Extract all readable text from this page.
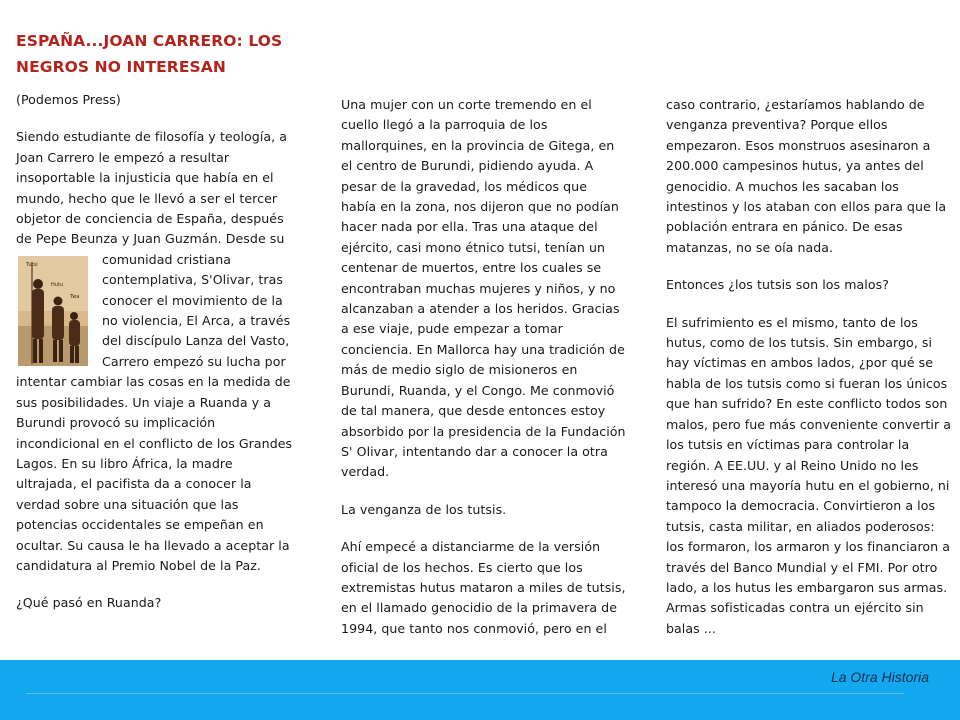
ESPAÑA...JOAN CARRERO: LOS
NEGROS NO INTERESAN

(Podemos Press)

Siendo estudiante de filosofía y teología, a Joan Carrero le empezó a resultar insoportable la injusticia que había en el mundo, hecho que le llevó a ser el tercer objetor de conciencia de España, después de Pepe Beunza y Juan Guzmán. Desde su
Tutsi
Hutu
Twa
comunidad cristiana contemplativa, S'Olivar, tras conocer el movimiento de la no violencia, El Arca, a través del discípulo Lanza del Vasto, Carrero empezó su lucha por intentar cambiar las cosas en la medida de sus posibilidades. Un viaje a Ruanda y a Burundi provocó su implicación incondicional en el conflicto de los Grandes Lagos. En su libro África, la madre ultrajada, el pacifista da a conocer la verdad sobre una situación que las potencias occidentales se empeñan en ocultar. Su causa le ha llevado a aceptar la candidatura al Premio Nobel de la Paz.

¿Qué pasó en Ruanda?

Una mujer con un corte tremendo en el cuello llegó a la parroquia de los mallorquines, en la provincia de Gitega, en el centro de Burundi, pidiendo ayuda. A pesar de la gravedad, los médicos que había en la zona, nos dijeron que no podían hacer nada por ella. Tras una ataque del ejército, casi mono étnico tutsi, tenían un centenar de muertos, entre los cuales se encontraban muchas mujeres y niños, y no alcanzaban a atender a los heridos. Gracias a ese viaje, pude empezar a tomar conciencia. En Mallorca hay una tradición de más de medio siglo de misioneros en Burundi, Ruanda, y el Congo. Me conmovió de tal manera, que desde entonces estoy absorbido por la presidencia de la Fundación S' Olivar, intentando dar a conocer la otra verdad.

La venganza de los tutsis.

Ahí empecé a distanciarme de la versión oficial de los hechos. Es cierto que los extremistas hutus mataron a miles de tutsis, en el llamado genocidio de la primavera de 1994, que tanto nos conmovió, pero en el

caso contrario, ¿estaríamos hablando de venganza preventiva? Porque ellos empezaron. Esos monstruos asesinaron a 200.000 campesinos hutus, ya antes del genocidio. A muchos les sacaban los intestinos y los ataban con ellos para que la población entrara en pánico. De esas matanzas, no se oía nada.

Entonces ¿los tutsis son los malos?

El sufrimiento es el mismo, tanto de los hutus, como de los tutsis. Sin embargo, si hay víctimas en ambos lados, ¿por qué se habla de los tutsis como si fueran los únicos que han sufrido? En este conflicto todos son malos, pero fue más conveniente convertir a los tutsis en víctimas para controlar la región. A EE.UU. y al Reino Unido no les interesó una mayoría hutu en el gobierno, ni tampoco la democracia. Convirtieron a los tutsis, casta militar, en aliados poderosos: los formaron, los armaron y los financiaron a través del Banco Mundial y el FMI. Por otro lado, a los hutus les embargaron sus armas. Armas sofisticadas contra un ejército sin balas ...

La Otra Historia
